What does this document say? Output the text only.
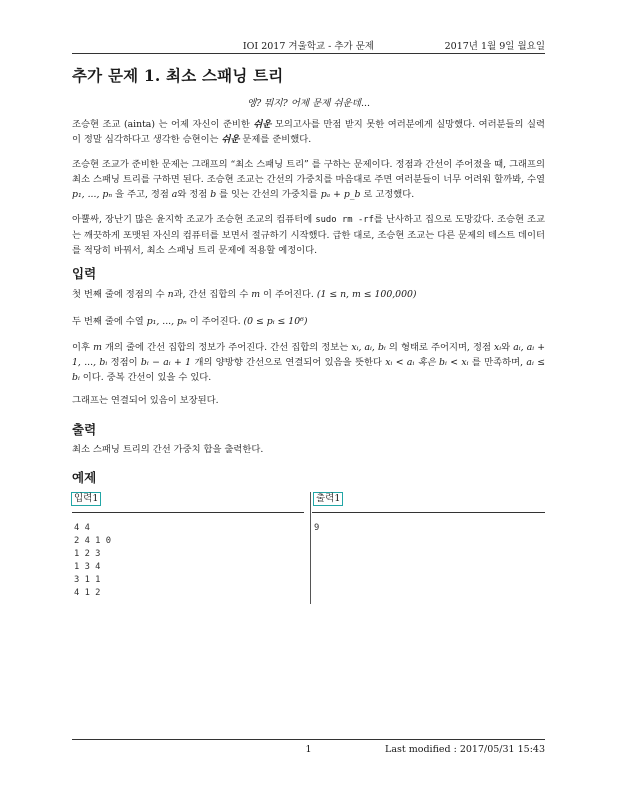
IOI 2017 겨울학교 - 추가 문제	2017년 1월 9일 월요일
추가 문제 1. 최소 스패닝 트리
엥? 뭐지? 어제 문제 쉬운데...

조승현 조교 (ainta) 는 어제 자신이 준비한 쉬운 모의고사를 만점 받지 못한 여러분에게 실망했다. 여러분들의 실력이 정말 심각하다고 생각한 승현이는 쉬운 문제를 준비했다.

조승현 조교가 준비한 문제는 그래프의 “최소 스패닝 트리” 를 구하는 문제이다. 정점과 간선이 주어졌을 때, 그래프의 최소 스패닝 트리를 구하면 된다. 조승현 조교는 간선의 가중치를 마음대로 주면 여러분들이 너무 어려워 할까봐, 수열 p₁, ..., pₙ 을 주고, 정점 a와 정점 b 를 잇는 간선의 가중치를 pₐ + p_b 로 고정했다.

아뿔싸, 장난기 많은 윤지학 조교가 조승현 조교의 컴퓨터에 sudo rm -rf를 난사하고 집으로 도망갔다. 조승현 조교는 깨끗하게 포맷된 자신의 컴퓨터를 보면서 절규하기 시작했다. 급한 대로, 조승현 조교는 다른 문제의 테스트 데이터를 적당히 바꿔서, 최소 스패닝 트리 문제에 적용할 예정이다.

입력

첫 번째 줄에 정점의 수 n과, 간선 집합의 수 m 이 주어진다. (1 ≤ n, m ≤ 100,000)

두 번째 줄에 수열 p₁, ..., pₙ 이 주어진다. (0 ≤ pᵢ ≤ 10⁶)

이후 m 개의 줄에 간선 집합의 정보가 주어진다. 간선 집합의 정보는 xᵢ, aᵢ, bᵢ 의 형태로 주어지며, 정점 xᵢ와 aᵢ, aᵢ + 1, ..., bᵢ 정점이 bᵢ − aᵢ + 1 개의 양방향 간선으로 연결되어 있음을 뜻한다 xᵢ < aᵢ 혹은 bᵢ < xᵢ 를 만족하며, aᵢ ≤ bᵢ 이다. 중복 간선이 있을 수 있다.

그래프는 연결되어 있음이 보장된다.

출력

최소 스패닝 트리의 간선 가중치 합을 출력한다.

예제
입력1	출력1
4 4
2 4 1 0
1 2 3
1 3 4
3 1 1
4 1 2
9
1	Last modified : 2017/05/31 15:43
